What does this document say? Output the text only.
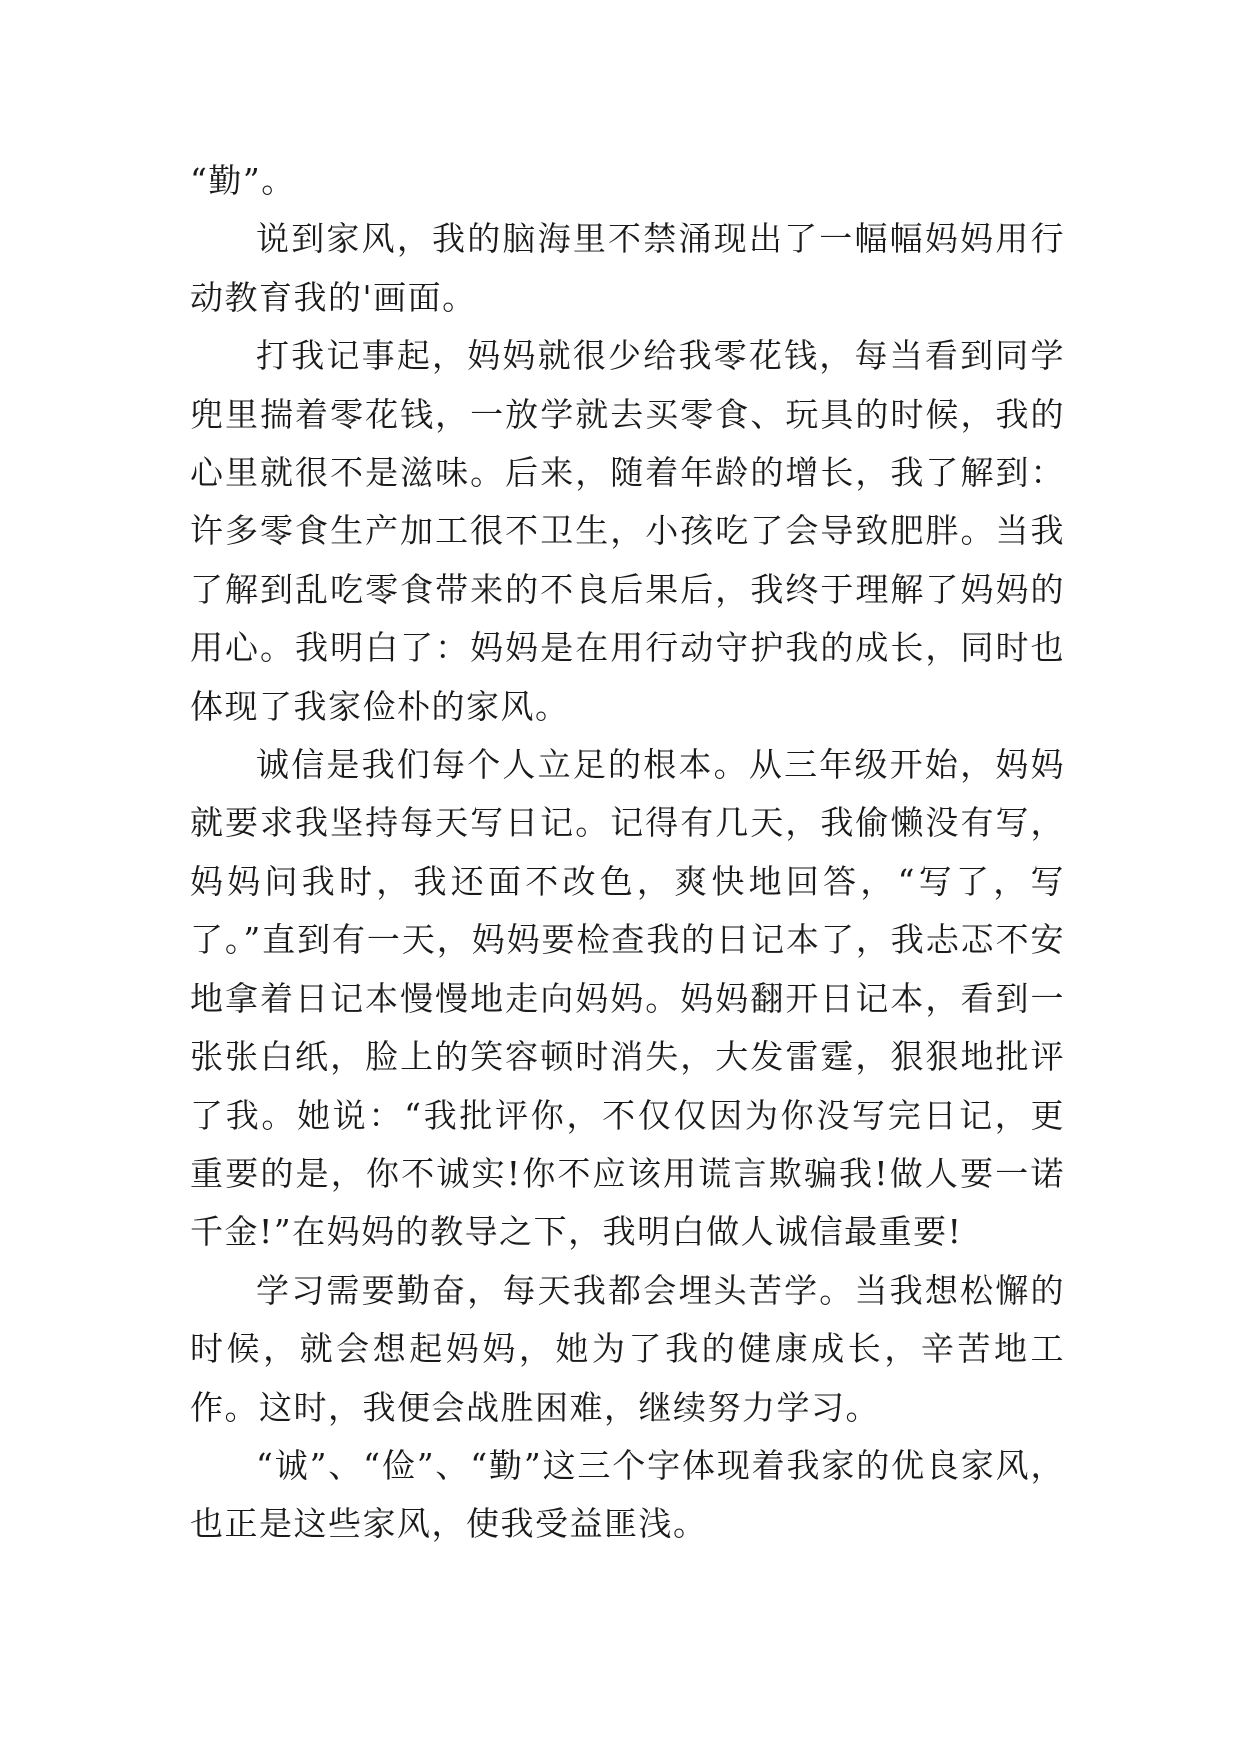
“勤”。

说到家风，我的脑海里不禁涌现出了一幅幅妈妈用行动教育我的'画面。

打我记事起，妈妈就很少给我零花钱，每当看到同学兜里揣着零花钱，一放学就去买零食、玩具的时候，我的心里就很不是滋味。后来，随着年龄的增长，我了解到：许多零食生产加工很不卫生，小孩吃了会导致肥胖。当我了解到乱吃零食带来的不良后果后，我终于理解了妈妈的用心。我明白了：妈妈是在用行动守护我的成长，同时也体现了我家俭朴的家风。

诚信是我们每个人立足的根本。从三年级开始，妈妈就要求我坚持每天写日记。记得有几天，我偷懒没有写，妈妈问我时，我还面不改色，爽快地回答，“写了，写了。”直到有一天，妈妈要检查我的日记本了，我忐忑不安地拿着日记本慢慢地走向妈妈。妈妈翻开日记本，看到一张张白纸，脸上的笑容顿时消失，大发雷霆，狠狠地批评了我。她说：“我批评你，不仅仅因为你没写完日记，更重要的是，你不诚实!你不应该用谎言欺骗我!做人要一诺千金!”在妈妈的教导之下，我明白做人诚信最重要!

学习需要勤奋，每天我都会埋头苦学。当我想松懈的时候，就会想起妈妈，她为了我的健康成长，辛苦地工作。这时，我便会战胜困难，继续努力学习。

“诚”、“俭”、“勤”这三个字体现着我家的优良家风，也正是这些家风，使我受益匪浅。
